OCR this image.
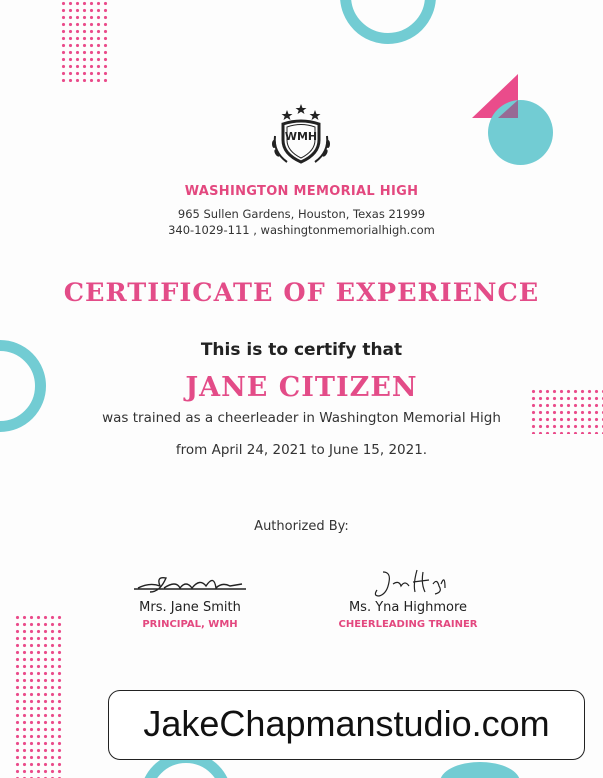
WMH
WASHINGTON MEMORIAL HIGH
965 Sullen Gardens, Houston, Texas 21999
340-1029-111 , washingtonmemorialhigh.com
CERTIFICATE OF EXPERIENCE
This is to certify that
JANE CITIZEN
was trained as a cheerleader in Washington Memorial High
from April 24, 2021 to June 15, 2021.
Authorized By:
Mrs. Jane Smith
PRINCIPAL, WMH
Ms. Yna Highmore
CHEERLEADING TRAINER
JakeChapmanstudio.com
